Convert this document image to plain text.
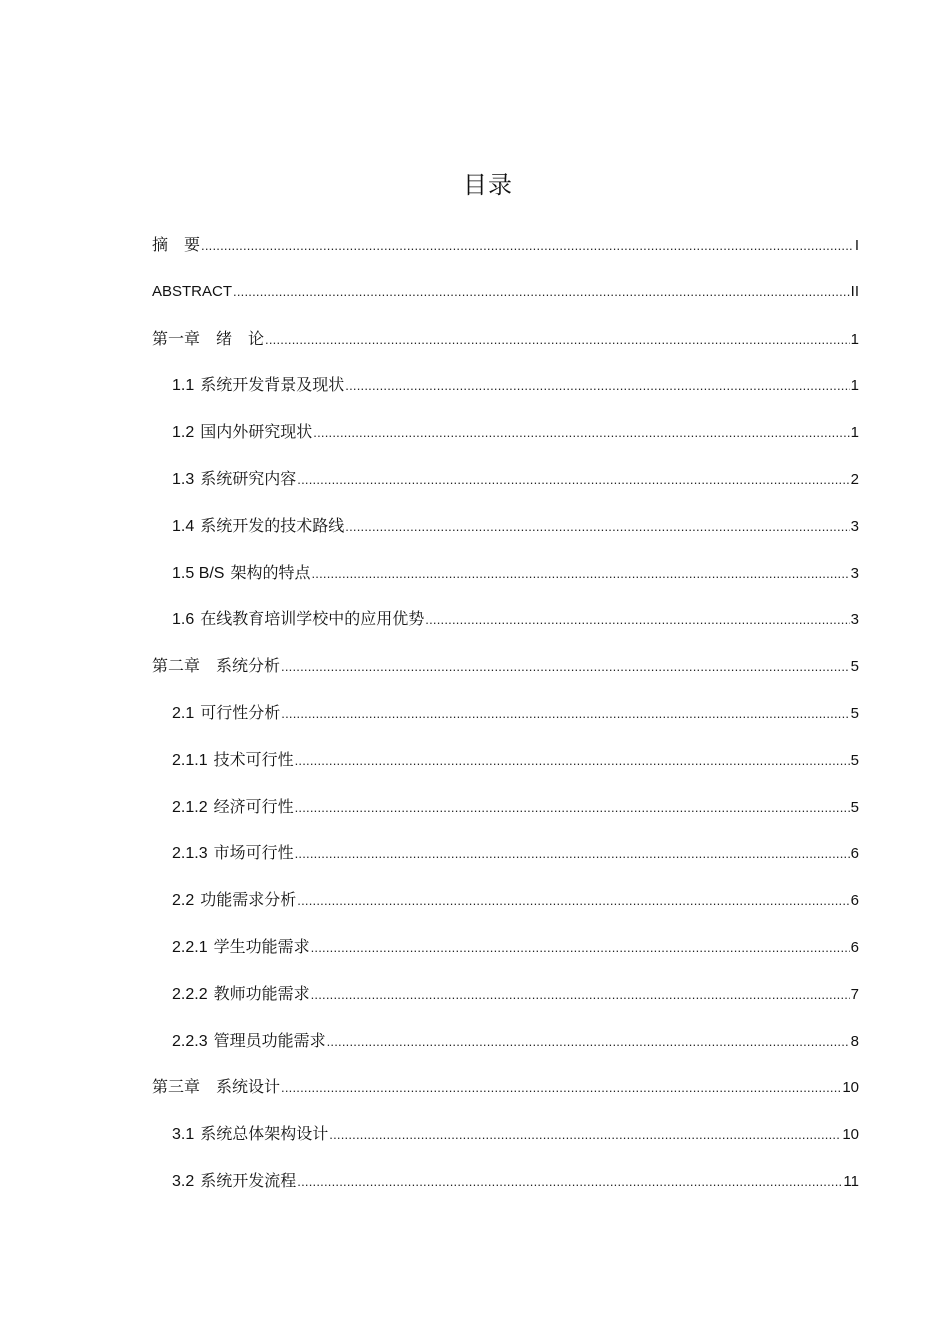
目录
摘　要 .....	I
ABSTRACT .....	II
第一章　绪　论 .....	1
1.1 系统开发背景及现状 .....	1
1.2 国内外研究现状 .....	1
1.3 系统研究内容 .....	2
1.4 系统开发的技术路线 .....	3
1.5 B/S 架构的特点 .....	3
1.6 在线教育培训学校中的应用优势 .....	3
第二章　系统分析 .....	5
2.1 可行性分析 .....	5
2.1.1 技术可行性 .....	5
2.1.2 经济可行性 .....	5
2.1.3 市场可行性 .....	6
2.2 功能需求分析 .....	6
2.2.1 学生功能需求 .....	6
2.2.2 教师功能需求 .....	7
2.2.3 管理员功能需求 .....	8
第三章　系统设计 .....	10
3.1 系统总体架构设计 .....	10
3.2 系统开发流程 .....	11
